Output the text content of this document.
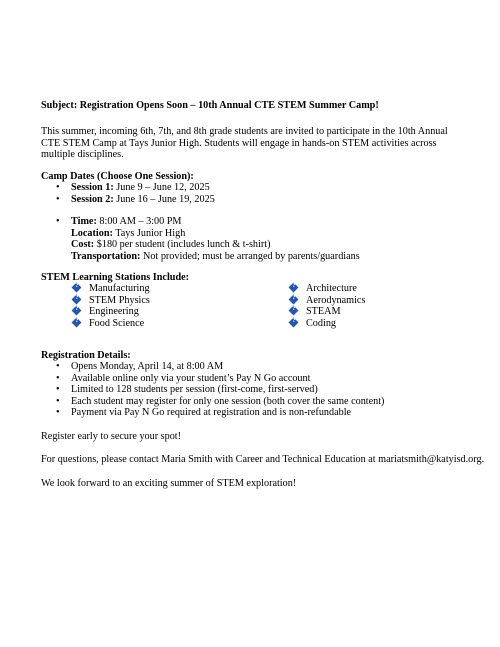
Subject: Registration Opens Soon – 10th Annual CTE STEM Summer Camp!
This summer, incoming 6th, 7th, and 8th grade students are invited to participate in the 10th Annual CTE STEM Camp at Tays Junior High. Students will engage in hands-on STEM activities across multiple disciplines.
Camp Dates (Choose One Session):
• Session 1: June 9 – June 12, 2025
• Session 2: June 16 – June 19, 2025
• Time: 8:00 AM – 3:00 PM
Location: Tays Junior High
Cost: $180 per student (includes lunch & t-shirt)
Transportation: Not provided; must be arranged by parents/guardians
STEM Learning Stations Include:
?Manufacturing
?STEM Physics
?Engineering
?Food Science
?Architecture
?Aerodynamics
?STEAM
?Coding
Registration Details:
• Opens Monday, April 14, at 8:00 AM
• Available online only via your student’s Pay N Go account
• Limited to 128 students per session (first-come, first-served)
• Each student may register for only one session (both cover the same content)
• Payment via Pay N Go required at registration and is non-refundable
Register early to secure your spot!
For questions, please contact Maria Smith with Career and Technical Education at mariatsmith@katyisd.org.
We look forward to an exciting summer of STEM exploration!
